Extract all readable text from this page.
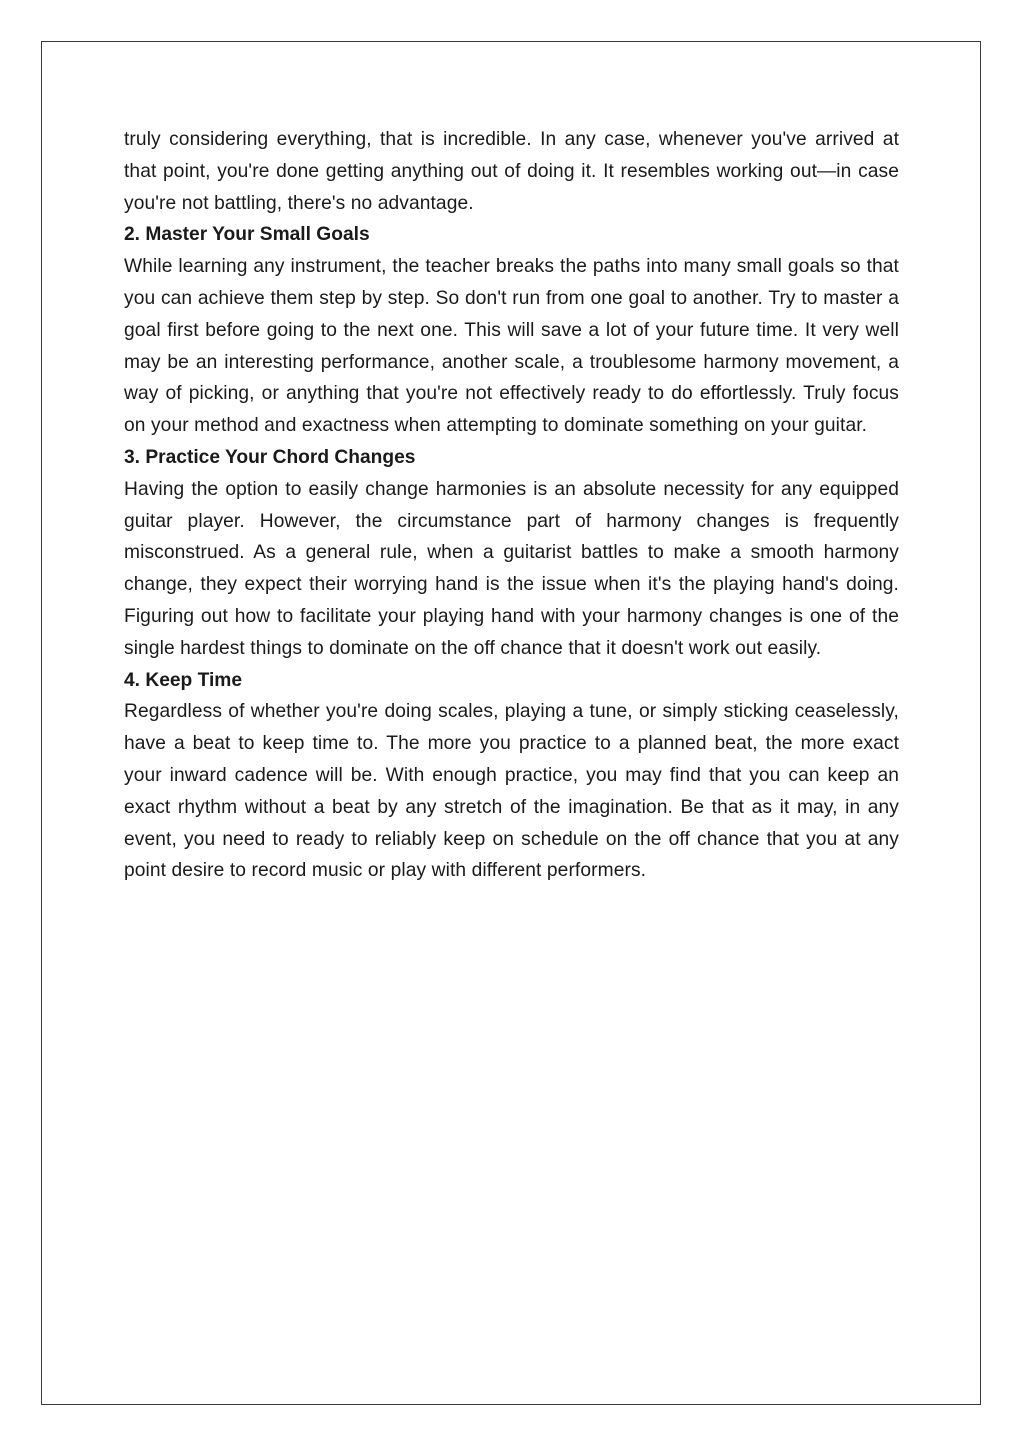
truly considering everything, that is incredible. In any case, whenever you've arrived at that point, you're done getting anything out of doing it. It resembles working out—in case you're not battling, there's no advantage.

2. Master Your Small Goals

While learning any instrument, the teacher breaks the paths into many small goals so that you can achieve them step by step. So don't run from one goal to another. Try to master a goal first before going to the next one. This will save a lot of your future time. It very well may be an interesting performance, another scale, a troublesome harmony movement, a way of picking, or anything that you're not effectively ready to do effortlessly. Truly focus on your method and exactness when attempting to dominate something on your guitar.

3. Practice Your Chord Changes

Having the option to easily change harmonies is an absolute necessity for any equipped guitar player. However, the circumstance part of harmony changes is frequently misconstrued. As a general rule, when a guitarist battles to make a smooth harmony change, they expect their worrying hand is the issue when it's the playing hand's doing. Figuring out how to facilitate your playing hand with your harmony changes is one of the single hardest things to dominate on the off chance that it doesn't work out easily.

4. Keep Time

Regardless of whether you're doing scales, playing a tune, or simply sticking ceaselessly, have a beat to keep time to. The more you practice to a planned beat, the more exact your inward cadence will be. With enough practice, you may find that you can keep an exact rhythm without a beat by any stretch of the imagination. Be that as it may, in any event, you need to ready to reliably keep on schedule on the off chance that you at any point desire to record music or play with different performers.
